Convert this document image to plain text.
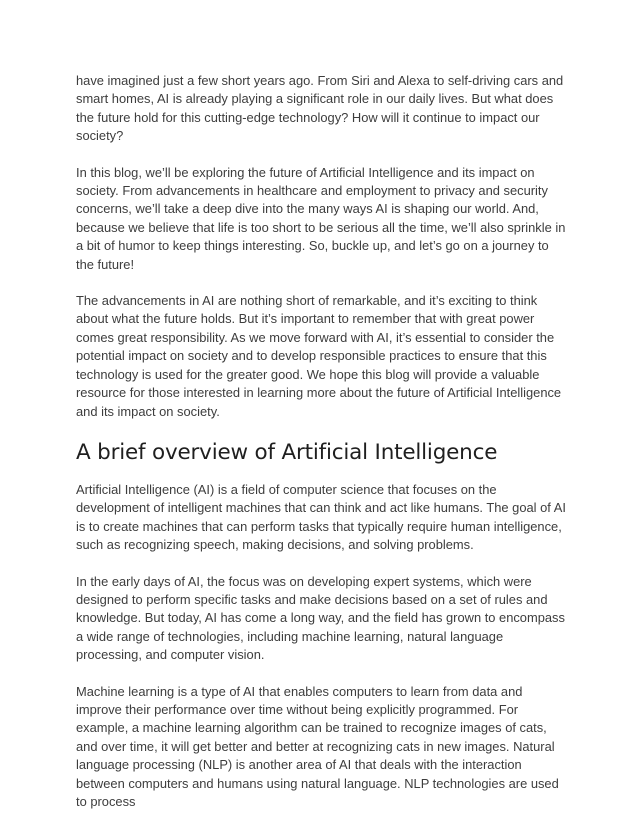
have imagined just a few short years ago. From Siri and Alexa to self-driving cars and smart homes, AI is already playing a significant role in our daily lives. But what does the future hold for this cutting-edge technology? How will it continue to impact our society?

In this blog, we’ll be exploring the future of Artificial Intelligence and its impact on society. From advancements in healthcare and employment to privacy and security concerns, we’ll take a deep dive into the many ways AI is shaping our world. And, because we believe that life is too short to be serious all the time, we’ll also sprinkle in a bit of humor to keep things interesting. So, buckle up, and let’s go on a journey to the future!

The advancements in AI are nothing short of remarkable, and it’s exciting to think about what the future holds. But it’s important to remember that with great power comes great responsibility. As we move forward with AI, it’s essential to consider the potential impact on society and to develop responsible practices to ensure that this technology is used for the greater good. We hope this blog will provide a valuable resource for those interested in learning more about the future of Artificial Intelligence and its impact on society.

A brief overview of Artificial Intelligence

Artificial Intelligence (AI) is a field of computer science that focuses on the development of intelligent machines that can think and act like humans. The goal of AI is to create machines that can perform tasks that typically require human intelligence, such as recognizing speech, making decisions, and solving problems.

In the early days of AI, the focus was on developing expert systems, which were designed to perform specific tasks and make decisions based on a set of rules and knowledge. But today, AI has come a long way, and the field has grown to encompass a wide range of technologies, including machine learning, natural language processing, and computer vision.

Machine learning is a type of AI that enables computers to learn from data and improve their performance over time without being explicitly programmed. For example, a machine learning algorithm can be trained to recognize images of cats, and over time, it will get better and better at recognizing cats in new images. Natural language processing (NLP) is another area of AI that deals with the interaction between computers and humans using natural language. NLP technologies are used to process
